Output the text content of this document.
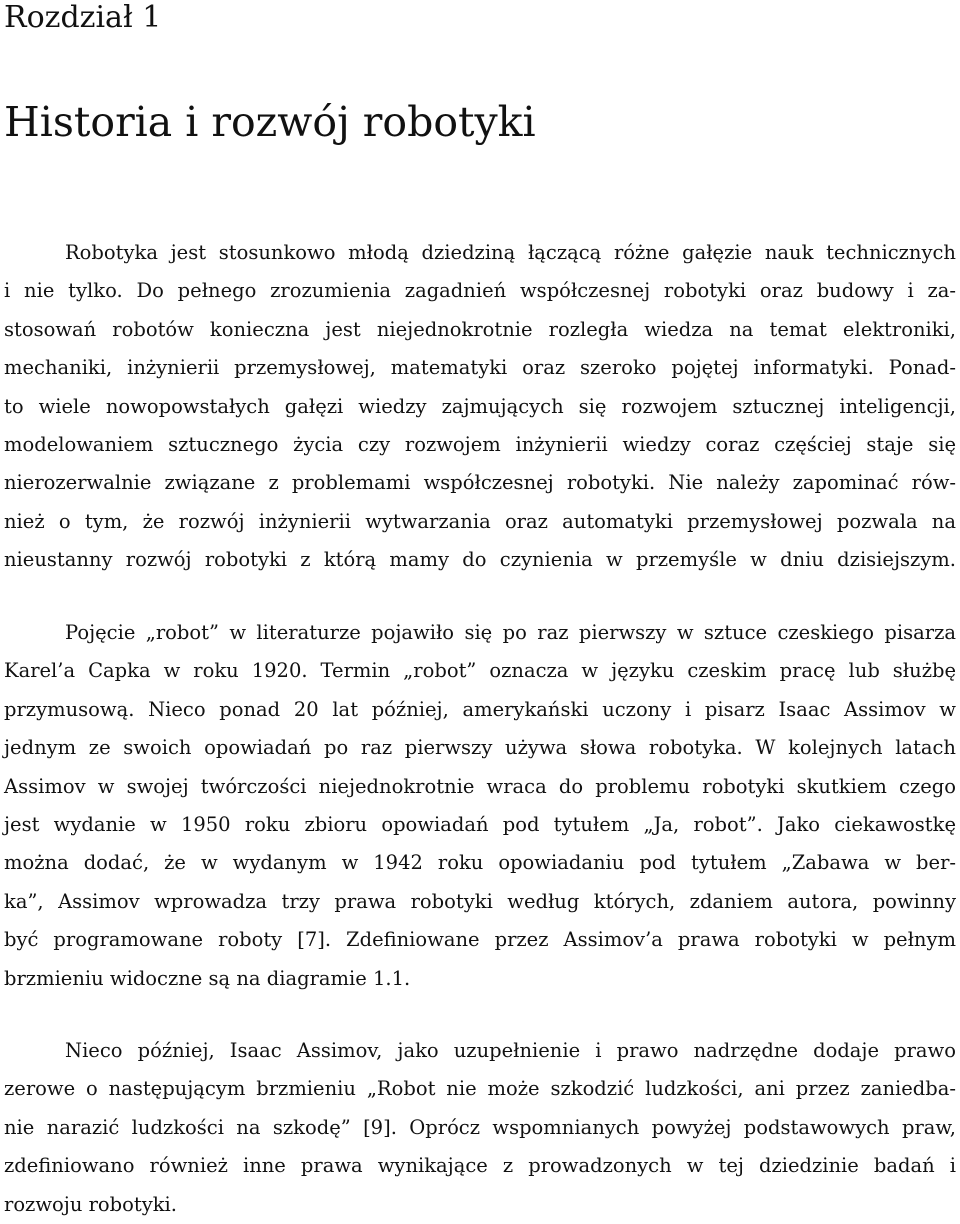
Rozdział 1
Historia i rozwój robotyki
Robotyka jest stosunkowo młodą dziedziną łączącą różne gałęzie nauk technicznych
i nie tylko. Do pełnego zrozumienia zagadnień współczesnej robotyki oraz budowy i za-
stosowań robotów konieczna jest niejednokrotnie rozległa wiedza na temat elektroniki,
mechaniki, inżynierii przemysłowej, matematyki oraz szeroko pojętej informatyki. Ponad-
to wiele nowopowstałych gałęzi wiedzy zajmujących się rozwojem sztucznej inteligencji,
modelowaniem sztucznego życia czy rozwojem inżynierii wiedzy coraz częściej staje się
nierozerwalnie związane z problemami współczesnej robotyki. Nie należy zapominać rów-
nież o tym, że rozwój inżynierii wytwarzania oraz automatyki przemysłowej pozwala na
nieustanny rozwój robotyki z którą mamy do czynienia w przemyśle w dniu dzisiejszym.
Pojęcie „robot” w literaturze pojawiło się po raz pierwszy w sztuce czeskiego pisarza
Karel’a Capka w roku 1920. Termin „robot” oznacza w języku czeskim pracę lub służbę
przymusową. Nieco ponad 20 lat później, amerykański uczony i pisarz Isaac Assimov w
jednym ze swoich opowiadań po raz pierwszy używa słowa robotyka. W kolejnych latach
Assimov w swojej twórczości niejednokrotnie wraca do problemu robotyki skutkiem czego
jest wydanie w 1950 roku zbioru opowiadań pod tytułem „Ja, robot”. Jako ciekawostkę
można dodać, że w wydanym w 1942 roku opowiadaniu pod tytułem „Zabawa w ber-
ka”, Assimov wprowadza trzy prawa robotyki według których, zdaniem autora, powinny
być programowane roboty [7]. Zdefiniowane przez Assimov’a prawa robotyki w pełnym
brzmieniu widoczne są na diagramie 1.1.
Nieco później, Isaac Assimov, jako uzupełnienie i prawo nadrzędne dodaje prawo
zerowe o następującym brzmieniu „Robot nie może szkodzić ludzkości, ani przez zaniedba-
nie narazić ludzkości na szkodę” [9]. Oprócz wspomnianych powyżej podstawowych praw,
zdefiniowano również inne prawa wynikające z prowadzonych w tej dziedzinie badań i
rozwoju robotyki.
